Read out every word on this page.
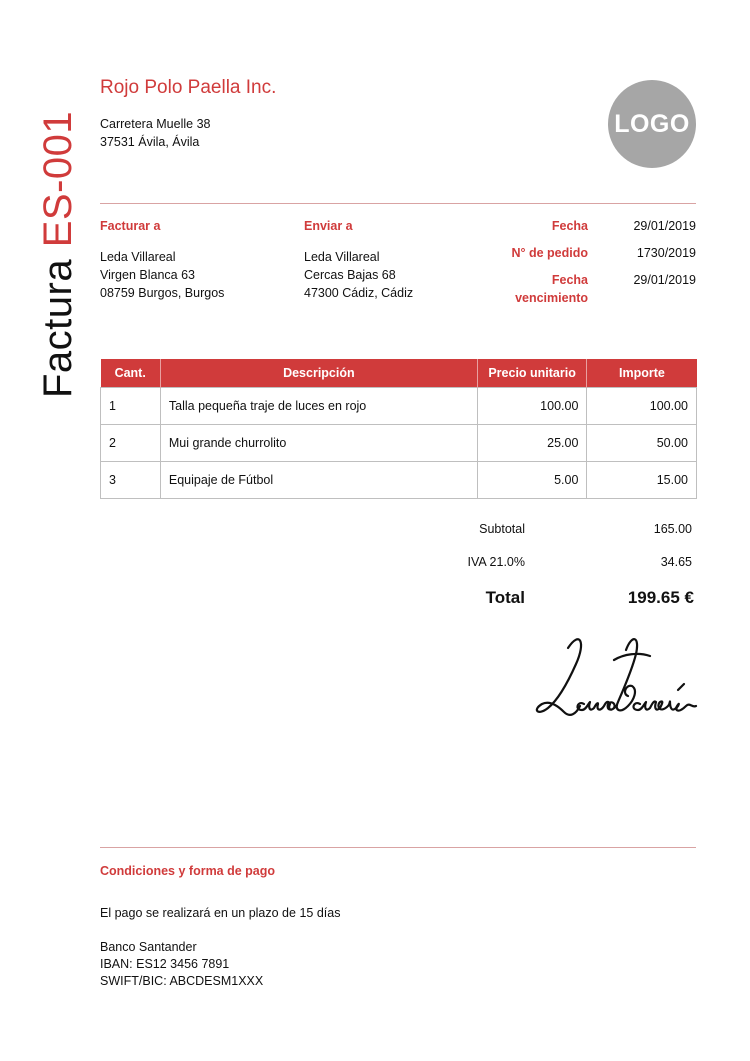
Factura ES-001
Rojo Polo Paella Inc.
Carretera Muelle 38
37531 Ávila, Ávila
LOGO
Facturar a
Leda Villareal
Virgen Blanca 63
08759 Burgos, Burgos
Enviar a
Leda Villareal
Cercas Bajas 68
47300 Cádiz, Cádiz
Fecha	29/01/2019
N° de pedido	1730/2019
Fecha
vencimiento
29/01/2019
Cant.	Descripción	Precio unitario	Importe
1	Talla pequeña traje de luces en rojo	100.00	100.00
2	Mui grande churrolito	25.00	50.00
3	Equipaje de Fútbol	5.00	15.00
Subtotal	165.00
IVA 21.0%	34.65
Total	199.65 €
Condiciones y forma de pago
El pago se realizará en un plazo de 15 días
Banco Santander
IBAN: ES12 3456 7891
SWIFT/BIC: ABCDESM1XXX
